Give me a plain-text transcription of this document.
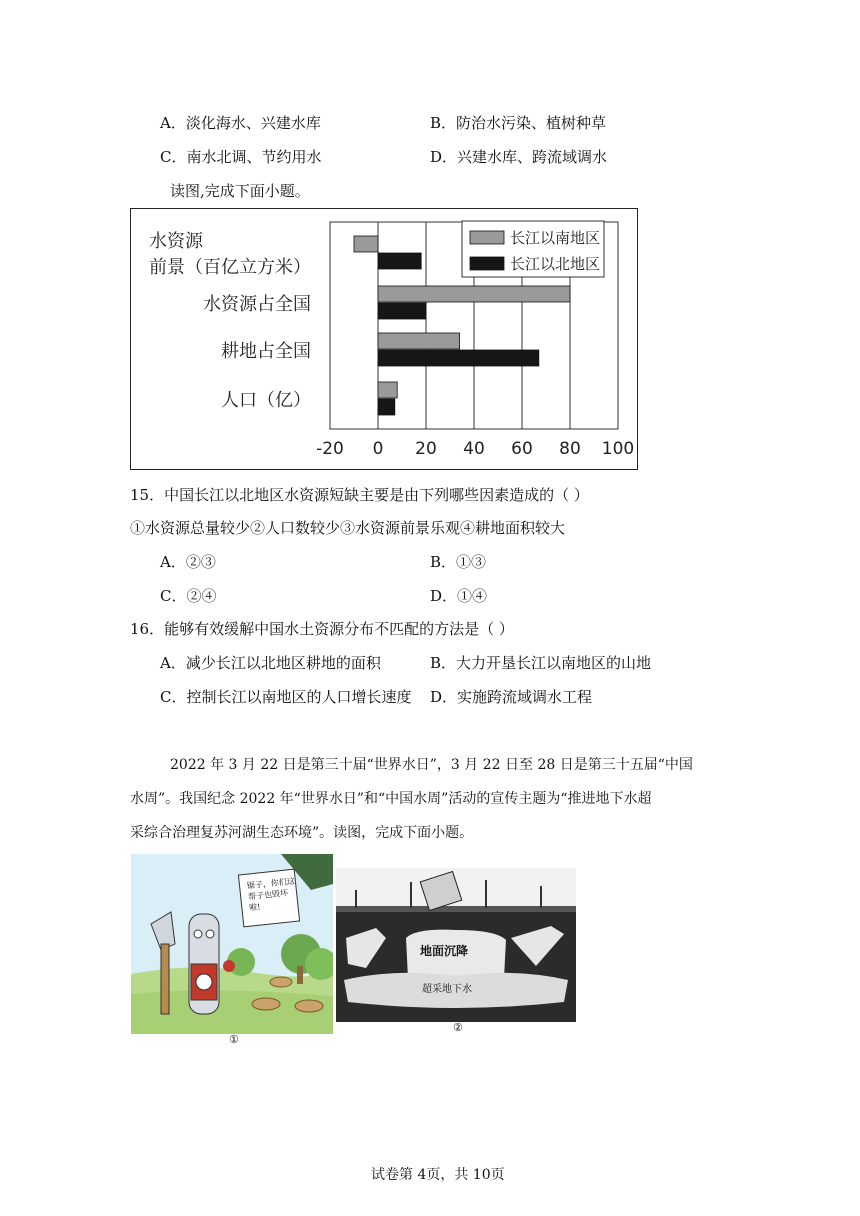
A．淡化海水、兴建水库	B．防治水污染、植树种草
C．南水北调、节约用水	D．兴建水库、跨流域调水
读图,完成下面小题。
-20 0 20 40 60 80 100
水资源
前景（百亿立方米）
水资源占全国
耕地占全国
人口（亿）
长江以南地区
长江以北地区
15．中国长江以北地区水资源短缺主要是由下列哪些因素造成的（ ）
①水资源总量较少②人口数较少③水资源前景乐观④耕地面积较大
A．②③	B．①③
C．②④	D．①④
16．能够有效缓解中国水土资源分布不匹配的方法是（ ）
A．减少长江以北地区耕地的面积	B．大力开垦长江以南地区的山地
C．控制长江以南地区的人口增长速度 D．实施跨流域调水工程
2022 年 3 月 22 日是第三十届“世界水日”，3 月 22 日至 28 日是第三十五届“中国
水周”。我国纪念 2022 年“世界水日”和“中国水周”活动的宣传主题为“推进地下水超
采综合治理复苏河湖生态环境”。读图，完成下面小题。
锯子，你们这帮子也毁坏啦!
①
地面沉降
超采地下水
②
试卷第 4页，共 10页
